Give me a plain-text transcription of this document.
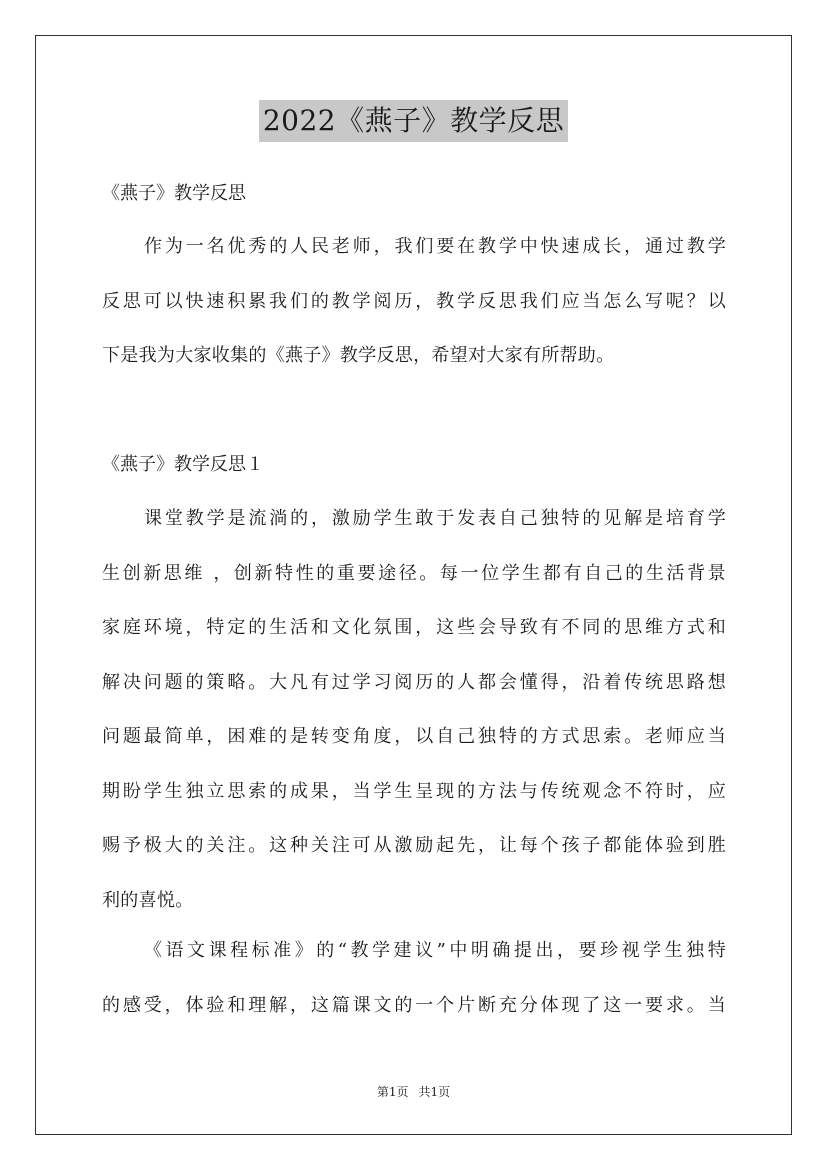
2022《燕子》教学反思
《燕子》教学反思
作为一名优秀的人民老师，我们要在教学中快速成长，通过教学
反思可以快速积累我们的教学阅历，教学反思我们应当怎么写呢？以
下是我为大家收集的《燕子》教学反思，希望对大家有所帮助。
《燕子》教学反思１
课堂教学是流淌的，激励学生敢于发表自己独特的见解是培育学
生创新思维 ，创新特性的重要途径。每一位学生都有自己的生活背景
家庭环境，特定的生活和文化氛围，这些会导致有不同的思维方式和
解决问题的策略。大凡有过学习阅历的人都会懂得，沿着传统思路想
问题最简单，困难的是转变角度，以自己独特的方式思索。老师应当
期盼学生独立思索的成果，当学生呈现的方法与传统观念不符时，应
赐予极大的关注。这种关注可从激励起先，让每个孩子都能体验到胜
利的喜悦。
《语文课程标准》的“教学建议”中明确提出，要珍视学生独特
的感受，体验和理解，这篇课文的一个片断充分体现了这一要求。当
第1页 共1页
